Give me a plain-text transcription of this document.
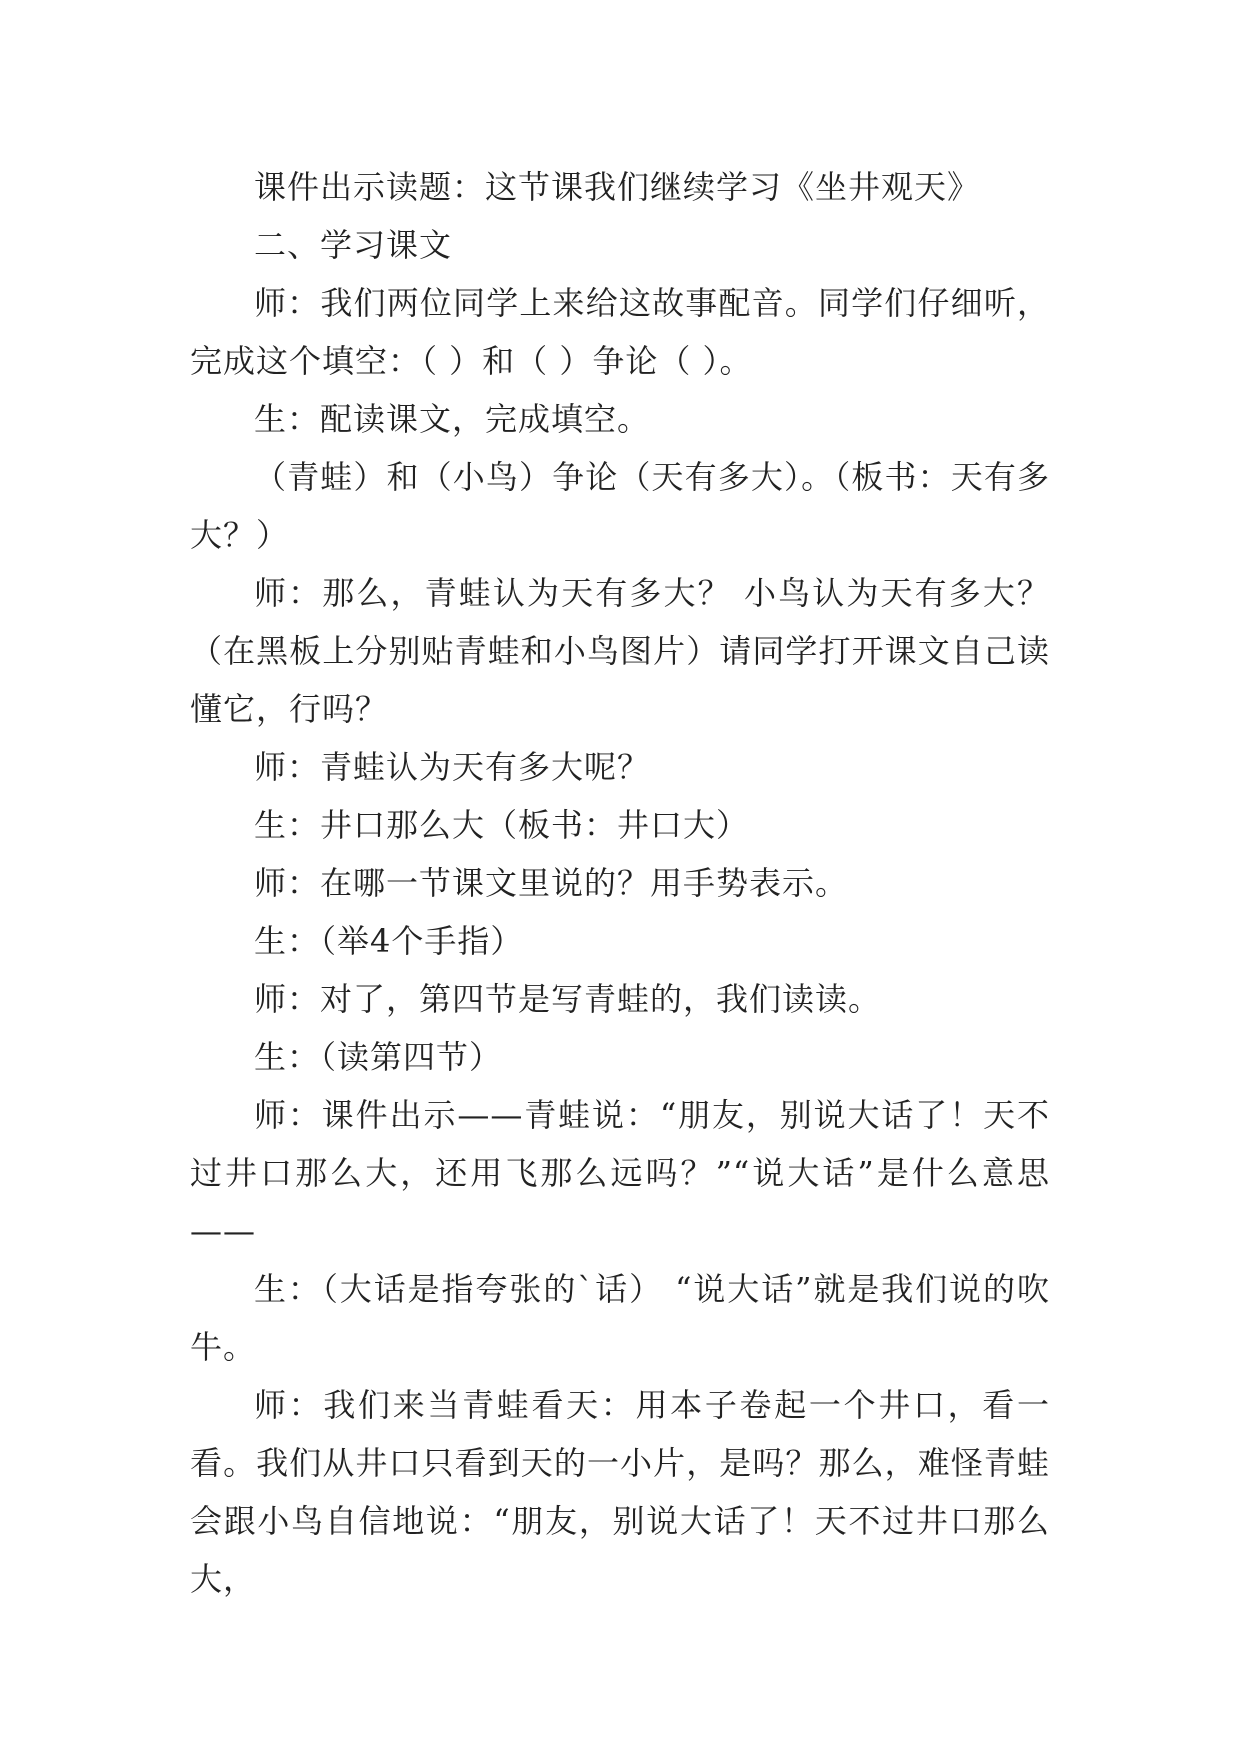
课件出示读题：这节课我们继续学习《坐井观天》

二、学习课文

师：我们两位同学上来给这故事配音。同学们仔细听，完成这个填空：（ ）和（ ）争论（ ）。

生：配读课文，完成填空。

（青蛙）和（小鸟）争论（天有多大）。（板书：天有多大？）

师：那么，青蛙认为天有多大？ 小鸟认为天有多大？（在黑板上分别贴青蛙和小鸟图片）请同学打开课文自己读懂它，行吗？

师：青蛙认为天有多大呢？

生：井口那么大（板书：井口大）

师：在哪一节课文里说的？用手势表示。

生：（举4个手指）

师：对了，第四节是写青蛙的，我们读读。

生：（读第四节）

师：课件出示——青蛙说：“朋友，别说大话了！天不过井口那么大，还用飞那么远吗？”“说大话”是什么意思——

生：（大话是指夸张的`话） “说大话”就是我们说的吹牛。

师：我们来当青蛙看天：用本子卷起一个井口，看一看。我们从井口只看到天的一小片，是吗？那么，难怪青蛙会跟小鸟自信地说：“朋友，别说大话了！天不过井口那么大，
